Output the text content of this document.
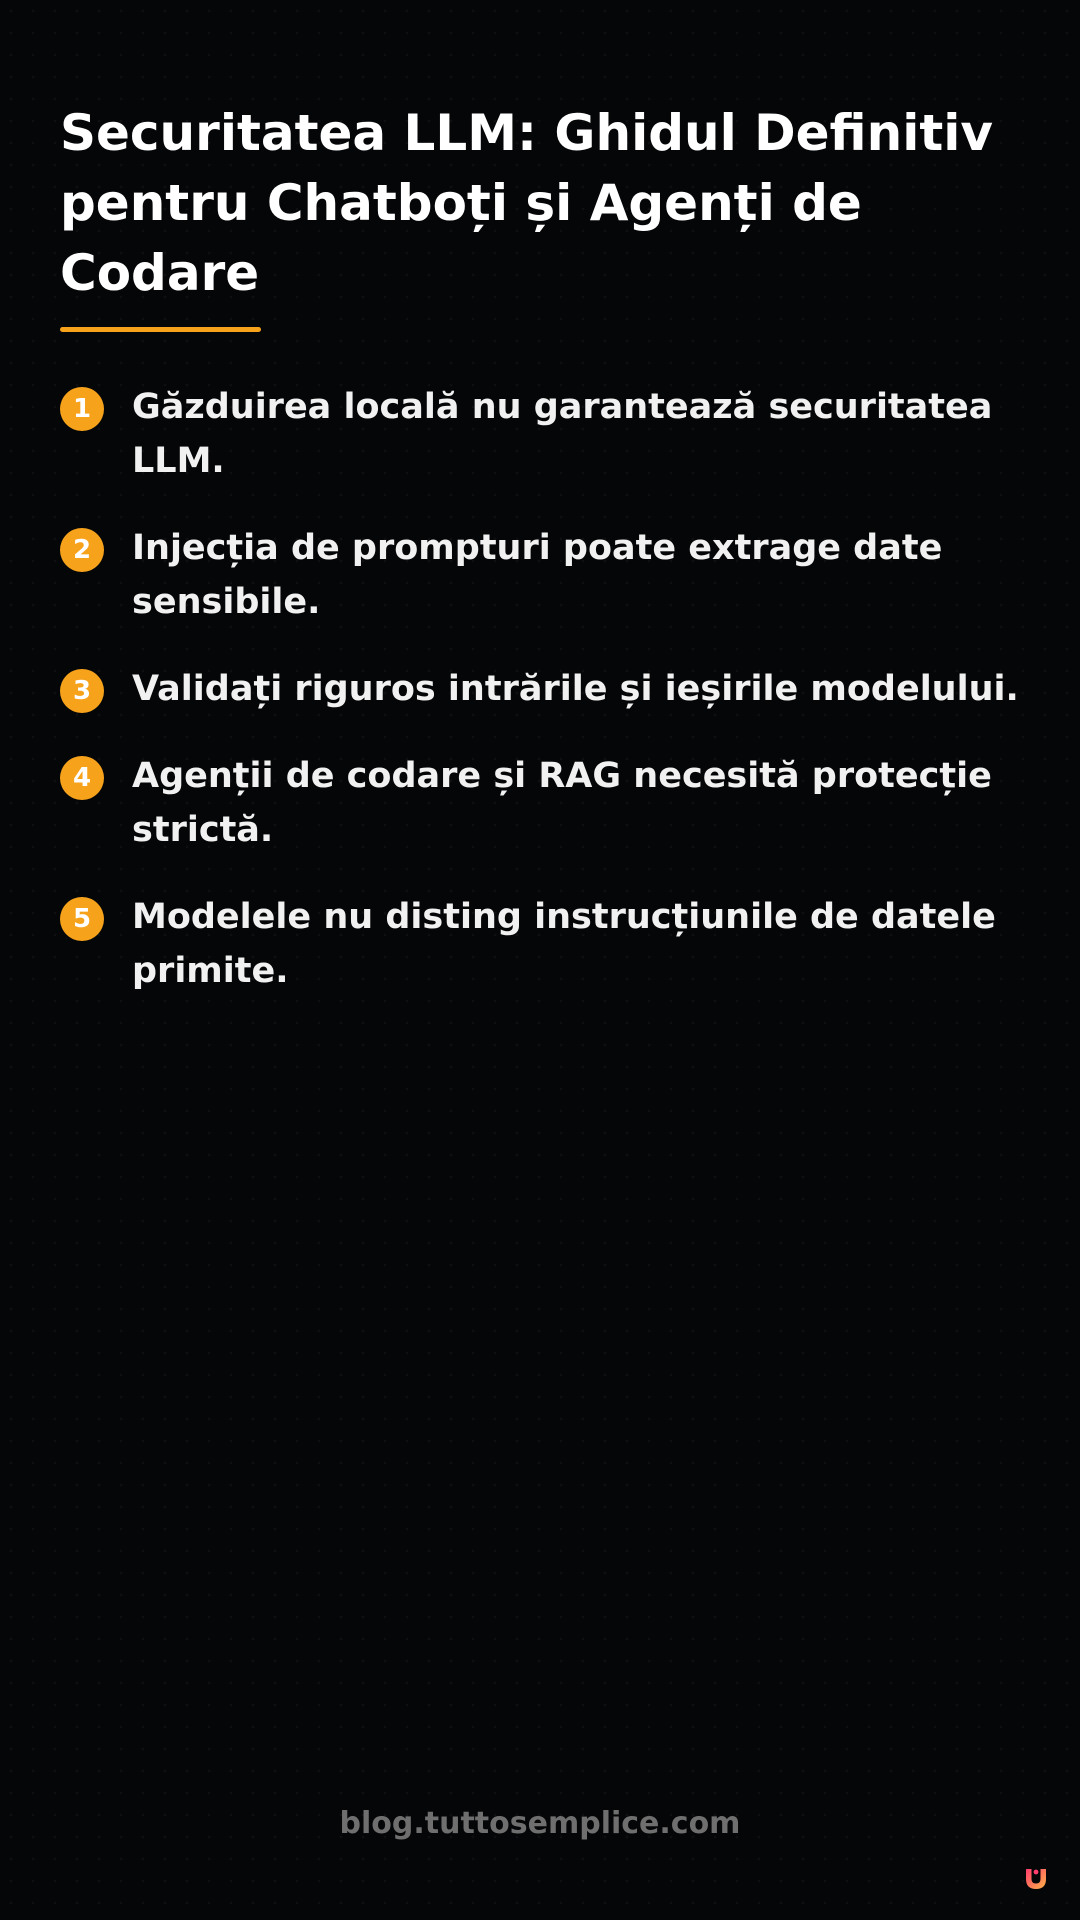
Securitatea LLM: Ghidul Definitiv pentru Chatboți și Agenți de Codare
1	Găzduirea locală nu garantează securitatea LLM.
2	Injecția de prompturi poate extrage date sensibile.
3	Validați riguros intrările și ieșirile modelului.
4	Agenții de codare și RAG necesită protecție strictă.
5	Modelele nu disting instrucțiunile de datele primite.
blog.tuttosemplice.com
